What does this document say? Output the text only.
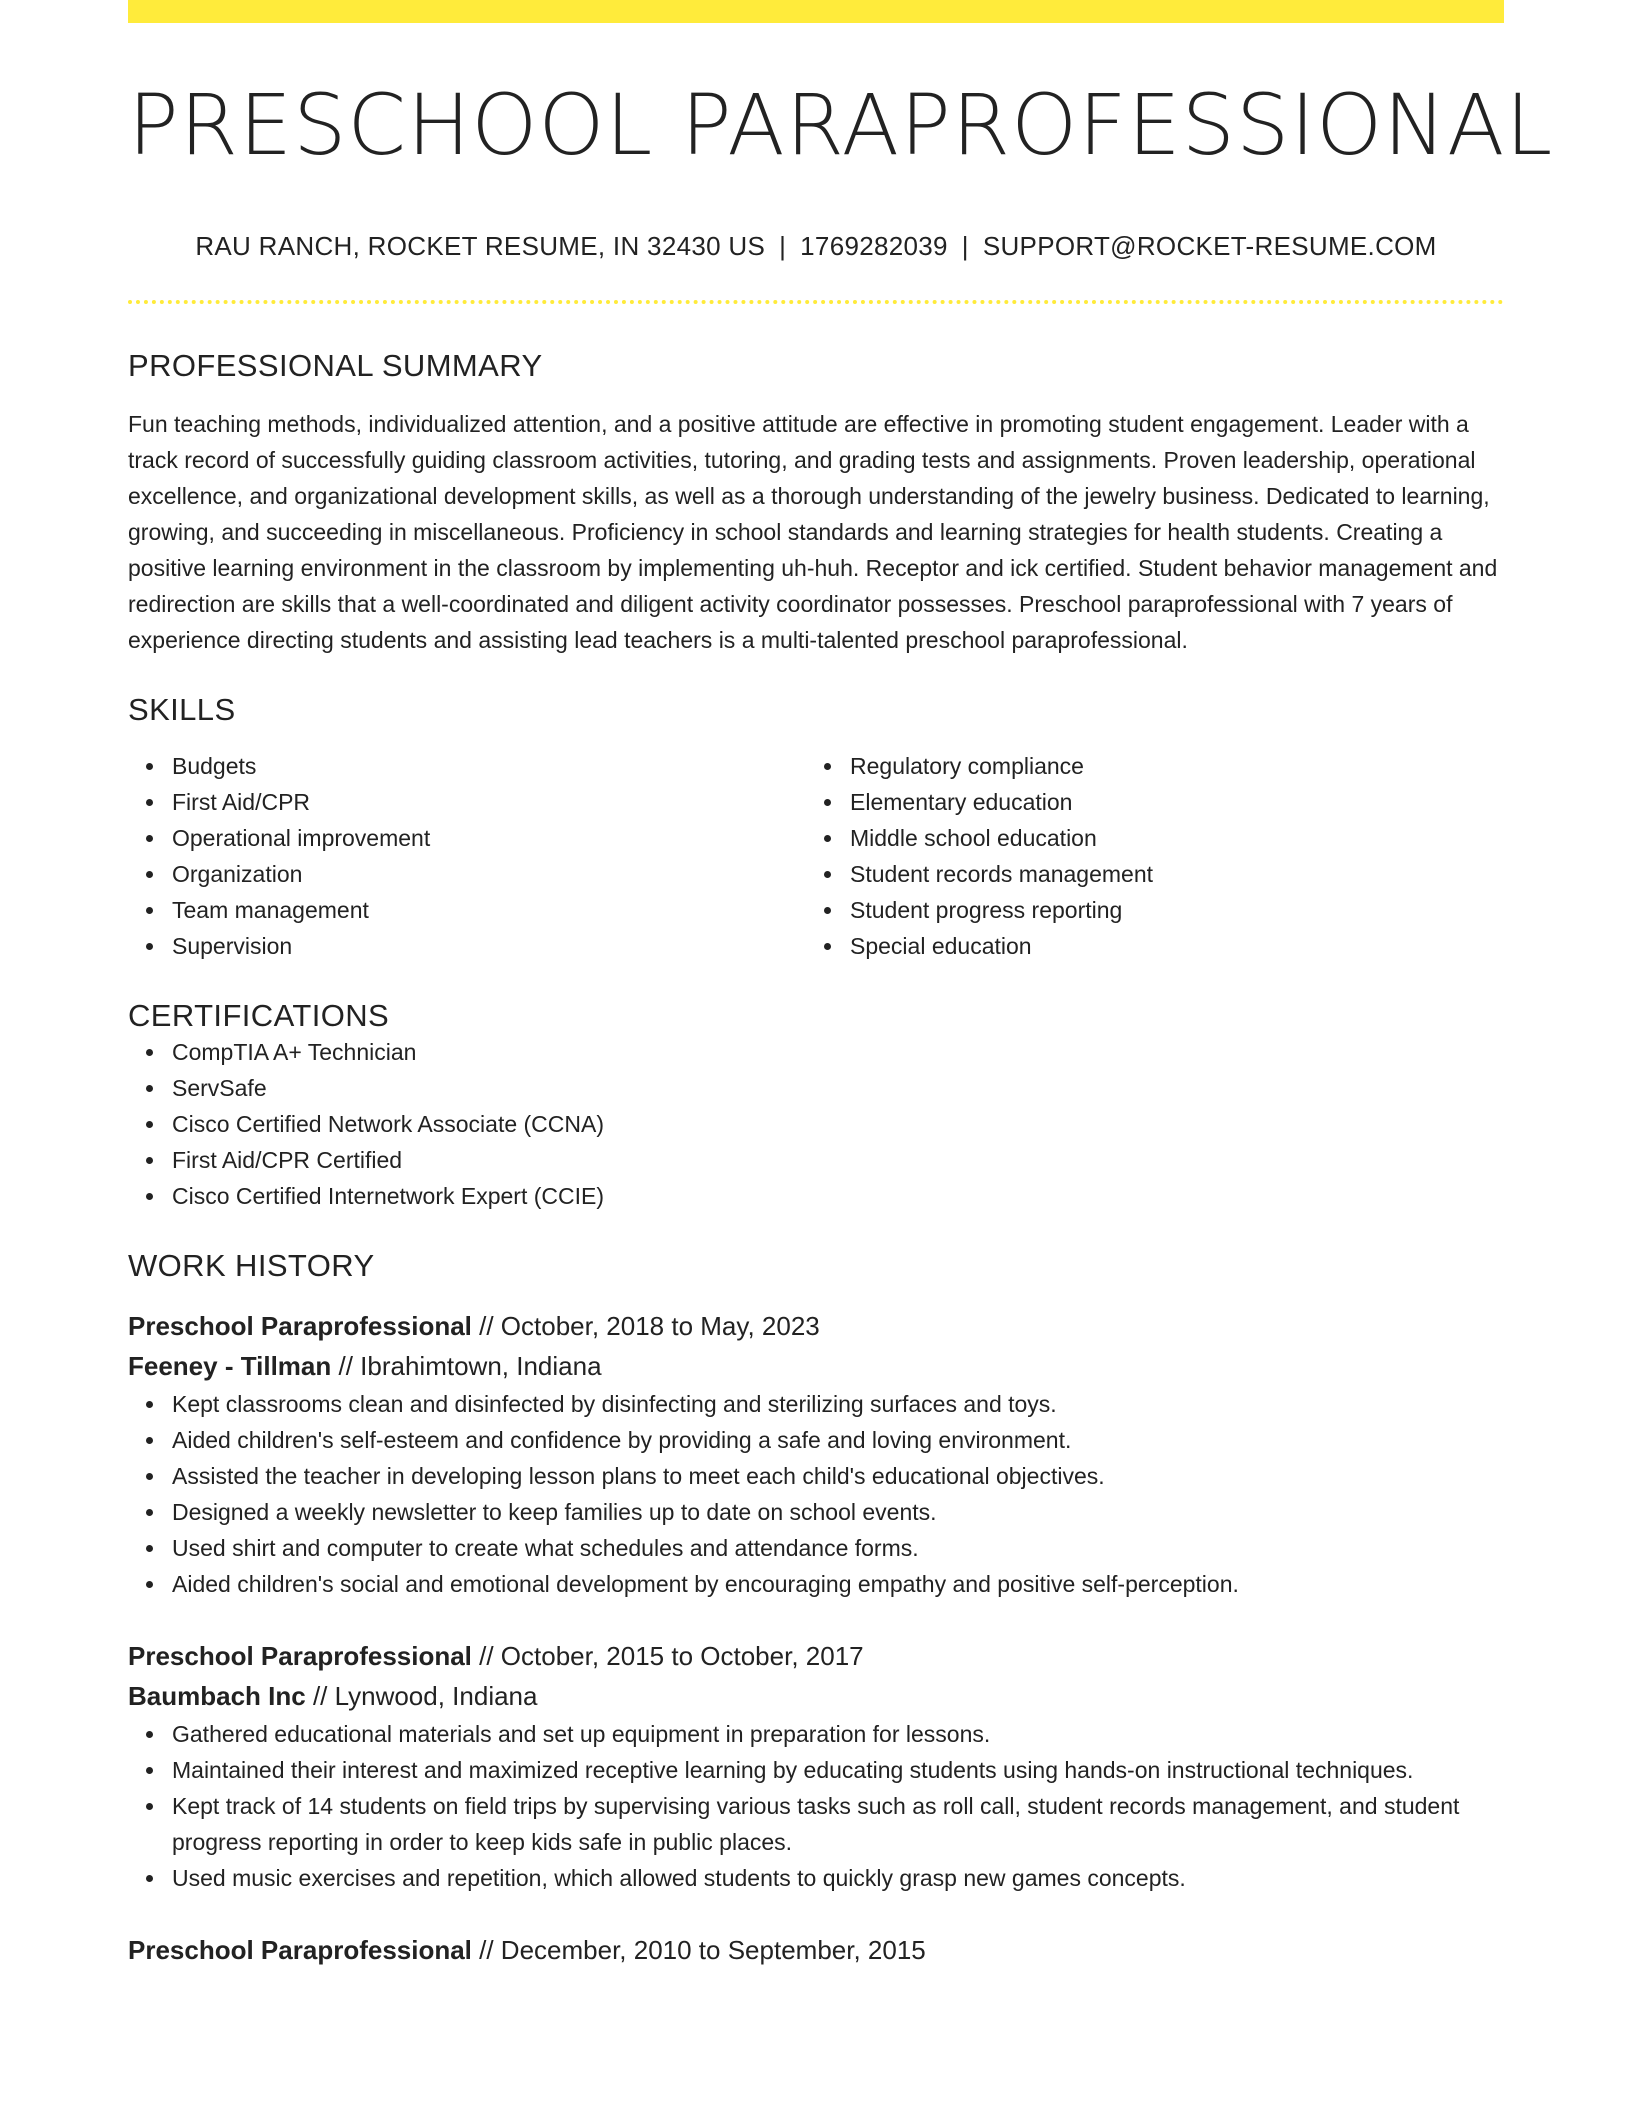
PRESCHOOL PARAPROFESSIONAL
RAU RANCH, ROCKET RESUME, IN 32430 US | 1769282039 | SUPPORT@ROCKET-RESUME.COM
PROFESSIONAL SUMMARY

Fun teaching methods, individualized attention, and a positive attitude are effective in promoting student engagement. Leader with a track record of successfully guiding classroom activities, tutoring, and grading tests and assignments. Proven leadership, operational excellence, and organizational development skills, as well as a thorough understanding of the jewelry business. Dedicated to learning, growing, and succeeding in miscellaneous. Proficiency in school standards and learning strategies for health students. Creating a positive learning environment in the classroom by implementing uh-huh. Receptor and ick certified. Student behavior management and redirection are skills that a well-coordinated and diligent activity coordinator possesses. Preschool paraprofessional with 7 years of experience directing students and assisting lead teachers is a multi-talented preschool paraprofessional.

SKILLS
Budgets
First Aid/CPR
Operational improvement
Organization
Team management
Supervision
Regulatory compliance
Elementary education
Middle school education
Student records management
Student progress reporting
Special education
CERTIFICATIONS
CompTIA A+ Technician
ServSafe
Cisco Certified Network Associate (CCNA)
First Aid/CPR Certified
Cisco Certified Internetwork Expert (CCIE)
WORK HISTORY
Preschool Paraprofessional // October, 2018 to May, 2023
Feeney - Tillman // Ibrahimtown, Indiana
Kept classrooms clean and disinfected by disinfecting and sterilizing surfaces and toys.
Aided children's self-esteem and confidence by providing a safe and loving environment.
Assisted the teacher in developing lesson plans to meet each child's educational objectives.
Designed a weekly newsletter to keep families up to date on school events.
Used shirt and computer to create what schedules and attendance forms.
Aided children's social and emotional development by encouraging empathy and positive self-perception.
Preschool Paraprofessional // October, 2015 to October, 2017
Baumbach Inc // Lynwood, Indiana
Gathered educational materials and set up equipment in preparation for lessons.
Maintained their interest and maximized receptive learning by educating students using hands-on instructional techniques.
Kept track of 14 students on field trips by supervising various tasks such as roll call, student records management, and student progress reporting in order to keep kids safe in public places.
Used music exercises and repetition, which allowed students to quickly grasp new games concepts.
Preschool Paraprofessional // December, 2010 to September, 2015
